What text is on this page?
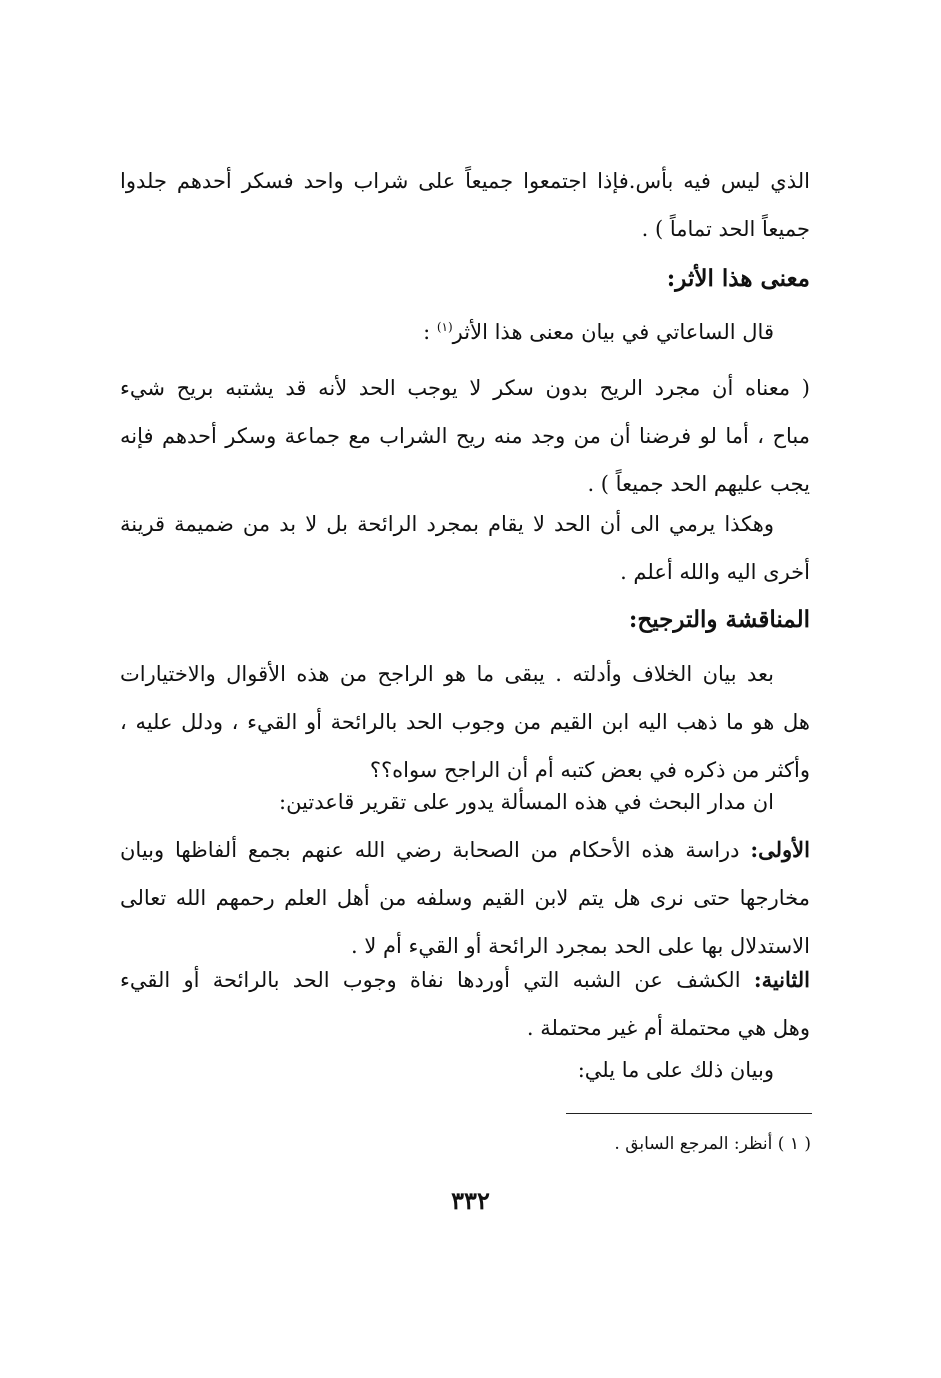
الذي ليس فيه بأس.فإذا اجتمعوا جميعاً على شراب واحد فسكر أحدهم جلدوا
جميعاً الحد تماماً ) .
معنى هذا الأثر:
قال الساعاتي في بيان معنى هذا الأثر$^{(١)}$ :
( معناه أن مجرد الريح بدون سكر لا يوجب الحد لأنه قد يشتبه بريح شيء
مباح ، أما لو فرضنا أن من وجد منه ريح الشراب مع جماعة وسكر أحدهم فإنه
يجب عليهم الحد جميعاً ) .
وهكذا يرمي الى أن الحد لا يقام بمجرد الرائحة بل لا بد من ضميمة قرينة
أخرى اليه والله أعلم .
المناقشة والترجيح:
بعد بيان الخلاف وأدلته . يبقى ما هو الراجح من هذه الأقوال والاختيارات
هل هو ما ذهب اليه ابن القيم من وجوب الحد بالرائحة أو القيء ، ودلل عليه ،
وأكثر من ذكره في بعض كتبه أم أن الراجح سواه؟؟
ان مدار البحث في هذه المسألة يدور على تقرير قاعدتين:
الأولى: دراسة هذه الأحكام من الصحابة رضي الله عنهم بجمع ألفاظها وبيان
مخارجها حتى نرى هل يتم لابن القيم وسلفه من أهل العلم رحمهم الله تعالى
الاستدلال بها على الحد بمجرد الرائحة أو القيء أم لا .
الثانية: الكشف عن الشبه التي أوردها نفاة وجوب الحد بالرائحة أو القيء
وهل هي محتملة أم غير محتملة .
وبيان ذلك على ما يلي:
( ١ ) أنظر: المرجع السابق .
٣٣٢
